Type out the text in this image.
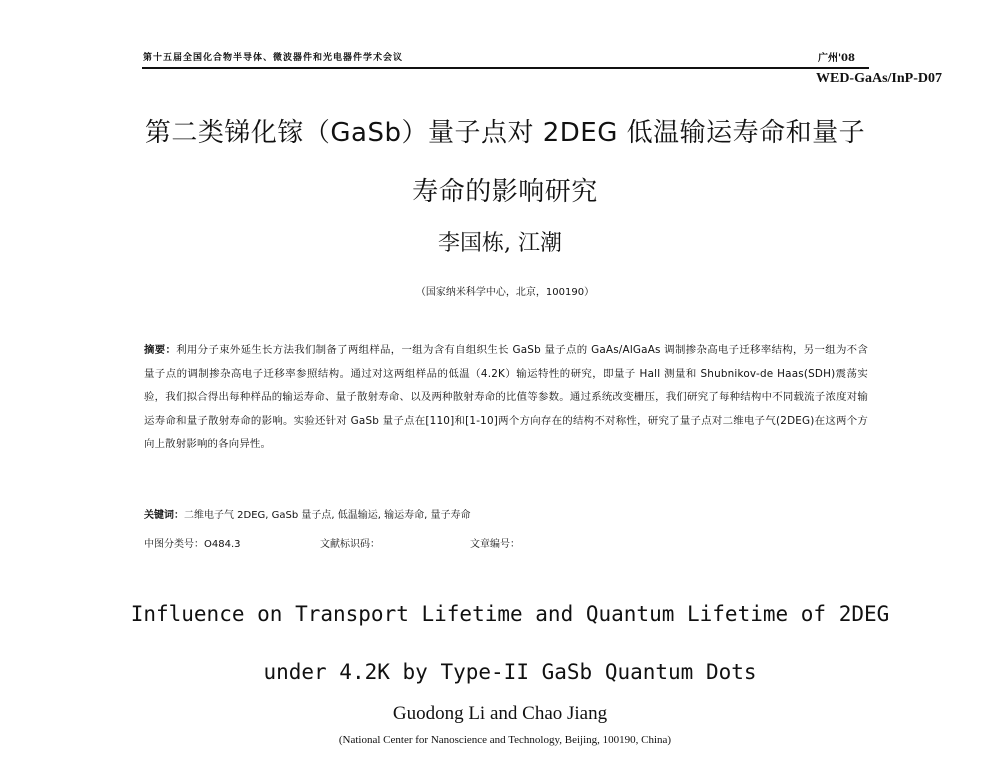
第十五届全国化合物半导体、微波器件和光电器件学术会议	广州'08
WED-GaAs/InP-D07
第二类锑化镓（GaSb）量子点对 2DEG 低温输运寿命和量子
寿命的影响研究
李国栋, 江潮
（国家纳米科学中心，北京，100190）
摘要：利用分子束外延生长方法我们制备了两组样品，一组为含有自组织生长 GaSb 量子点的 GaAs/AlGaAs 调制掺杂高电子迁移率结构，另一组为不含量子点的调制掺杂高电子迁移率参照结构。通过对这两组样品的低温（4.2K）输运特性的研究，即量子 Hall 测量和 Shubnikov-de Haas(SDH)震荡实验，我们拟合得出每种样品的输运寿命、量子散射寿命、以及两种散射寿命的比值等参数。通过系统改变栅压，我们研究了每种结构中不同载流子浓度对输运寿命和量子散射寿命的影响。实验还针对 GaSb 量子点在[110]和[1-10]两个方向存在的结构不对称性，研究了量子点对二维电子气(2DEG)在这两个方向上散射影响的各向异性。
关键词：二维电子气 2DEG, GaSb 量子点, 低温输运, 输运寿命, 量子寿命
中图分类号：O484.3	文献标识码：	文章编号：
Influence on Transport Lifetime and Quantum Lifetime of 2DEG
under 4.2K by Type-II GaSb Quantum Dots
Guodong Li and Chao Jiang
(National Center for Nanoscience and Technology, Beijing, 100190, China)
